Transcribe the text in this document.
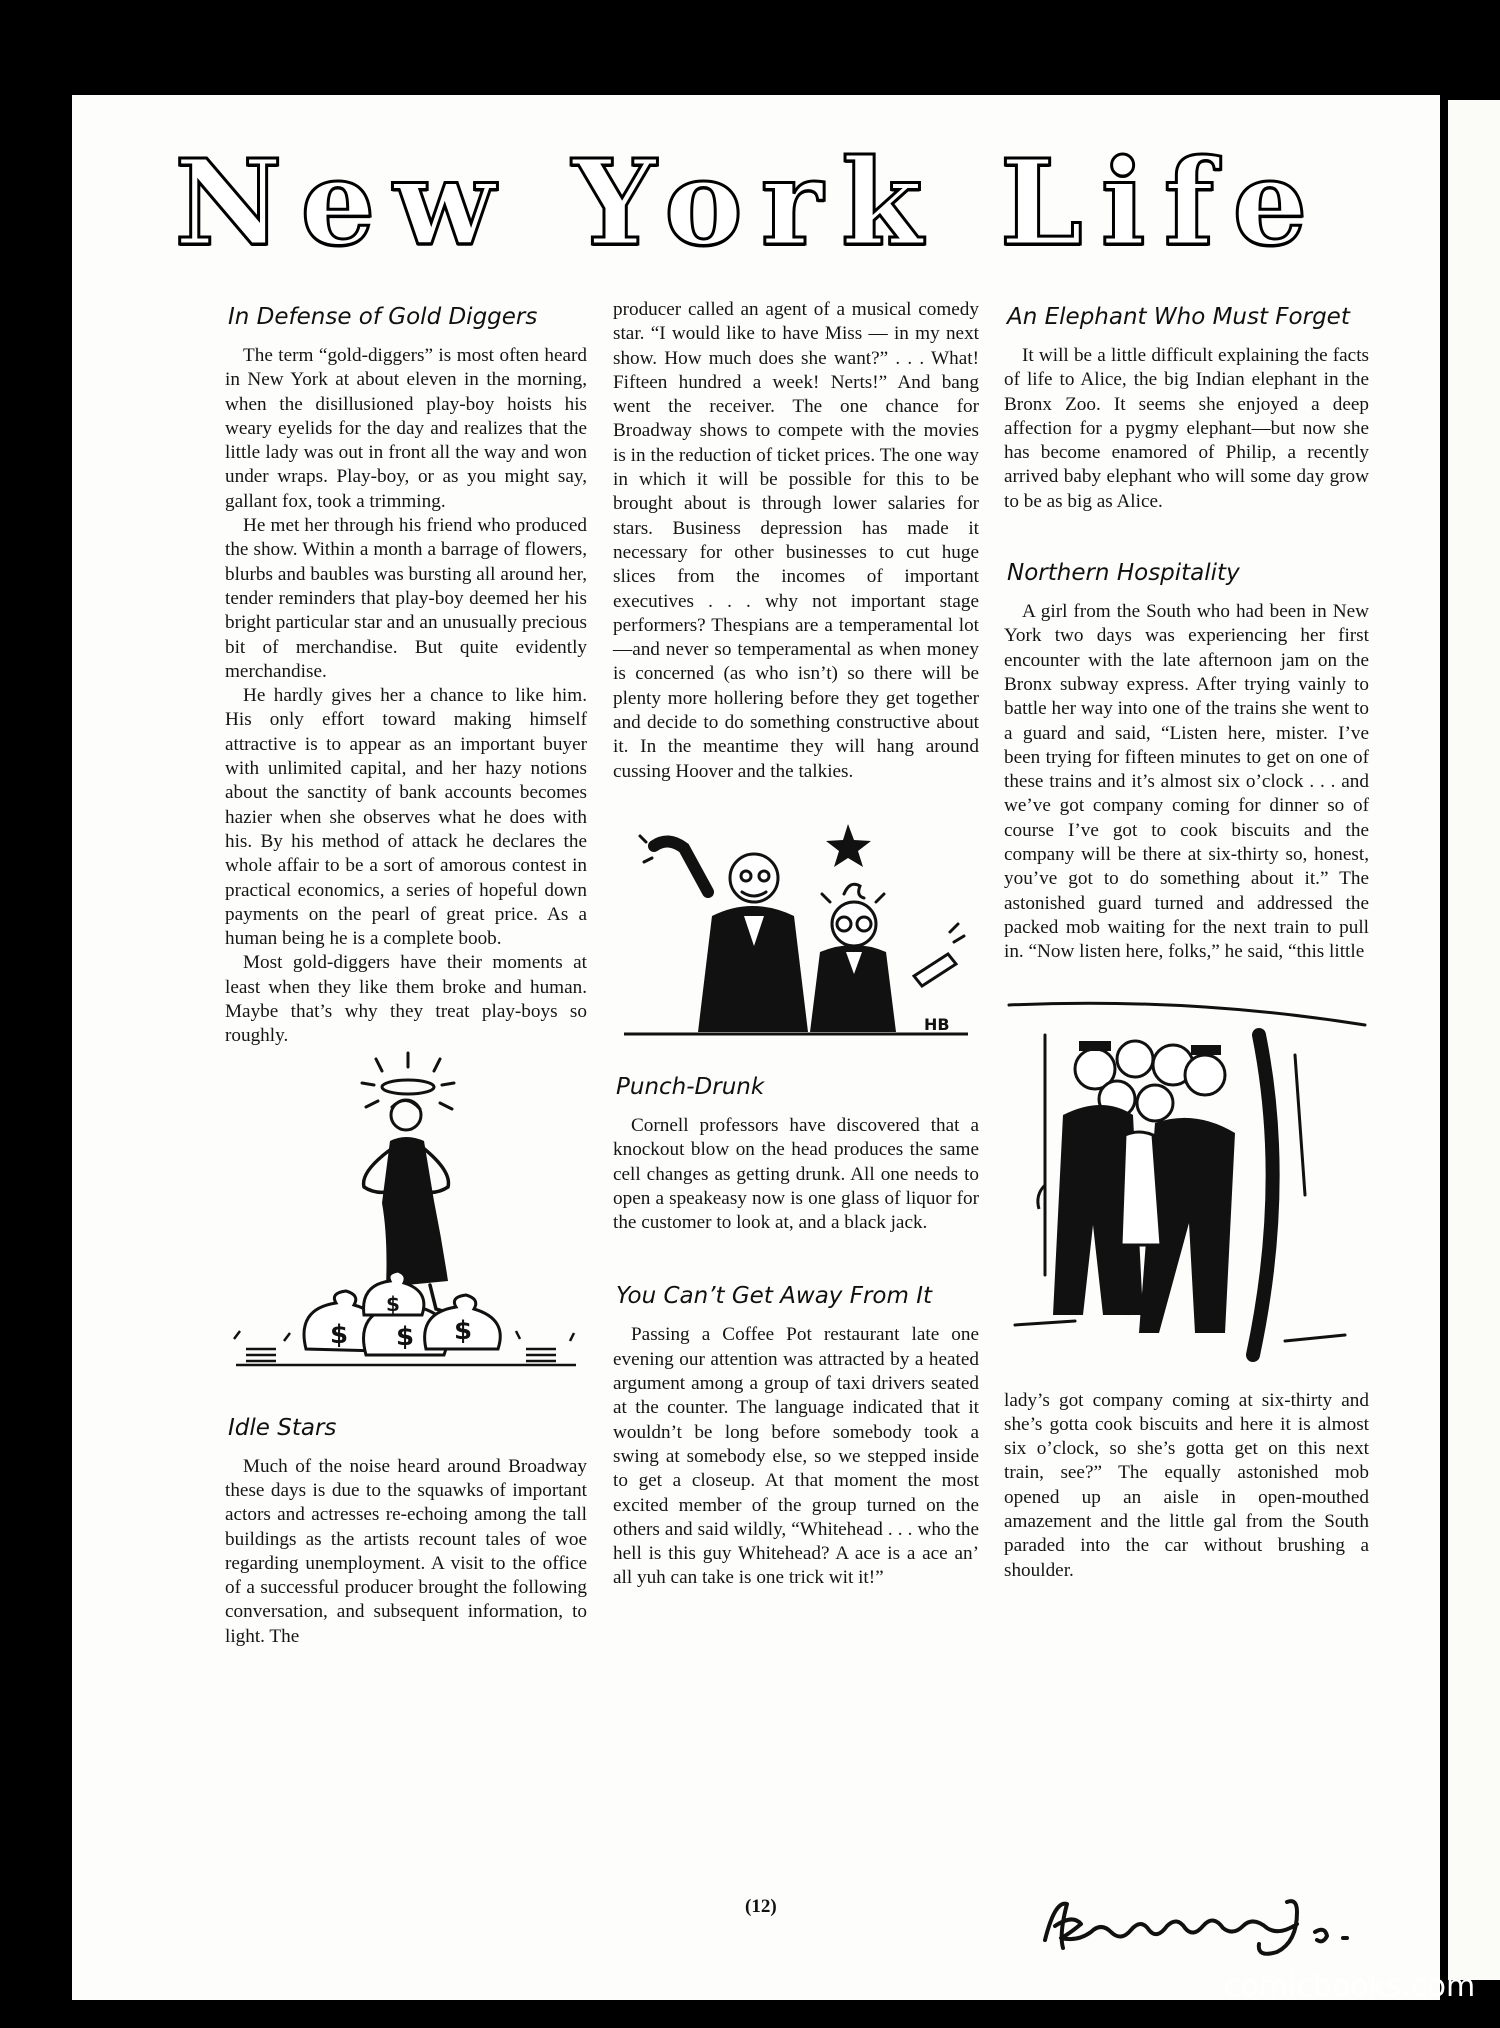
New York Life
In Defense of Gold Diggers

The term “gold-diggers” is most often heard in New York at about eleven in the morning, when the disillusioned play-boy hoists his weary eyelids for the day and realizes that the little lady was out in front all the way and won under wraps. Play-boy, or as you might say, gallant fox, took a trimming.

He met her through his friend who produced the show. Within a month a barrage of flowers, blurbs and baubles was bursting all around her, tender reminders that play-boy deemed her his bright particular star and an unusually precious bit of merchandise. But quite evidently merchandise.

He hardly gives her a chance to like him. His only effort toward making himself attractive is to appear as an important buyer with unlimited capital, and her hazy notions about the sanctity of bank accounts becomes hazier when she observes what he does with his. By his method of attack he declares the whole affair to be a sort of amorous contest in practical economics, a series of hopeful down payments on the pearl of great price. As a human being he is a complete boob.

Most gold-diggers have their moments at least when they like them broke and human. Maybe that’s why they treat play-boys so roughly.

$ $ $
$
Idle Stars

Much of the noise heard around Broadway these days is due to the squawks of important actors and actresses re-echoing among the tall buildings as the artists recount tales of woe regarding unemployment. A visit to the office of a successful producer brought the following conversation, and subsequent information, to light. The

producer called an agent of a musical comedy star. “I would like to have Miss — in my next show. How much does she want?” . . . What! Fifteen hundred a week! Nerts!” And bang went the receiver. The one chance for Broadway shows to compete with the movies is in the reduction of ticket prices. The one way in which it will be possible for this to be brought about is through lower salaries for stars. Business depression has made it necessary for other businesses to cut huge slices from the incomes of important executives . . . why not important stage performers? Thespians are a temperamental lot—and never so temperamental as when money is concerned (as who isn’t) so there will be plenty more hollering before they get together and decide to do something constructive about it. In the meantime they will hang around cussing Hoover and the talkies.

HB
Punch-Drunk

Cornell professors have discovered that a knockout blow on the head produces the same cell changes as getting drunk. All one needs to open a speakeasy now is one glass of liquor for the customer to look at, and a black jack.

You Can’t Get Away From It

Passing a Coffee Pot restaurant late one evening our attention was attracted by a heated argument among a group of taxi drivers seated at the counter. The language indicated that it wouldn’t be long before somebody took a swing at somebody else, so we stepped inside to get a closeup. At that moment the most excited member of the group turned on the others and said wildly, “Whitehead . . . who the hell is this guy Whitehead? A ace is a ace an’ all yuh can take is one trick wit it!”

An Elephant Who Must Forget

It will be a little difficult explaining the facts of life to Alice, the big Indian elephant in the Bronx Zoo. It seems she enjoyed a deep affection for a pygmy elephant—but now she has become enamored of Philip, a recently arrived baby elephant who will some day grow to be as big as Alice.

Northern Hospitality

A girl from the South who had been in New York two days was experiencing her first encounter with the late afternoon jam on the Bronx subway express. After trying vainly to battle her way into one of the trains she went to a guard and said, “Listen here, mister. I’ve been trying for fifteen minutes to get on one of these trains and it’s almost six o’clock . . . and we’ve got company coming for dinner so of course I’ve got to cook biscuits and the company will be there at six-thirty so, honest, you’ve got to do something about it.” The astonished guard turned and addressed the packed mob waiting for the next train to pull in. “Now listen here, folks,” he said, “this little

lady’s got company coming at six-thirty and she’s gotta cook biscuits and here it is almost six o’clock, so she’s gotta get on this next train, see?” The equally astonished mob opened up an aisle in open-mouthed amazement and the little gal from the South paraded into the car without brushing a shoulder.

(12)
comicbooks.com
